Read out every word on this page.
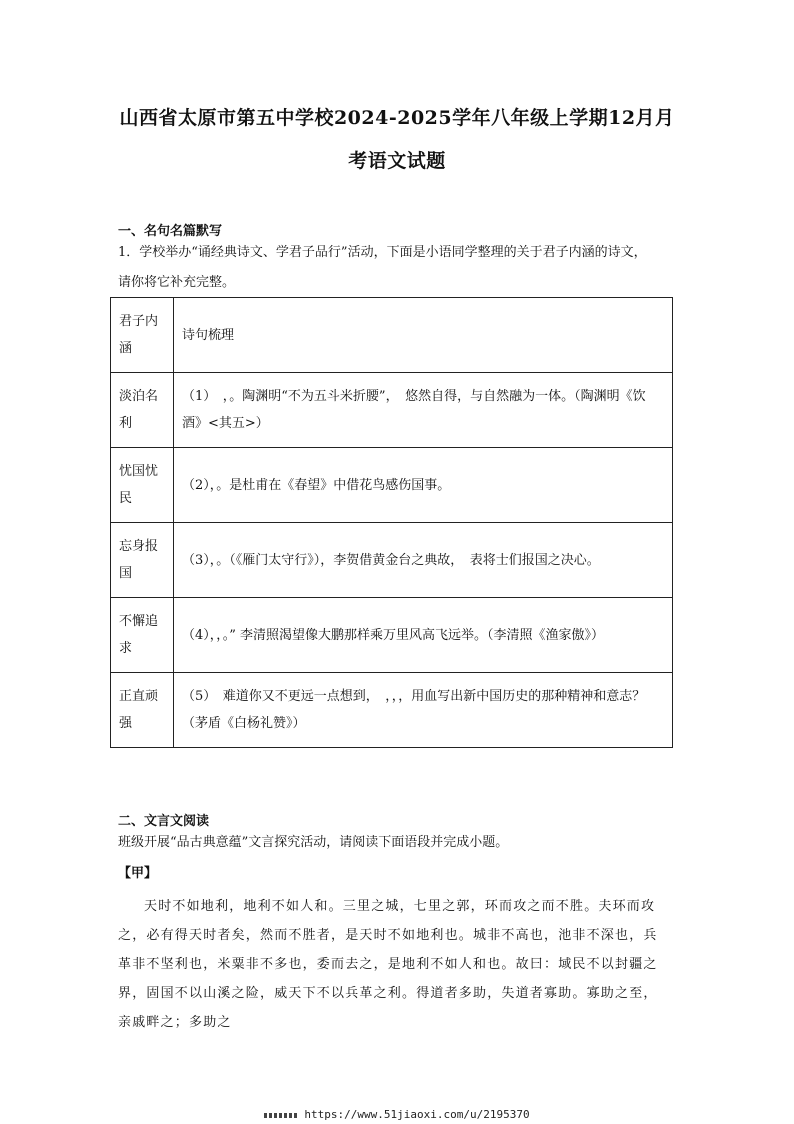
山西省太原市第五中学校2024-2025学年八年级上学期12月月
考语文试题
一、名句名篇默写
1．学校举办“诵经典诗文、学君子品行”活动，下面是小语同学整理的关于君子内涵的诗文，
请你将它补充完整。
君子内涵	诗句梳理
淡泊名利	（1）　，。陶渊明“不为五斗米折腰”，　悠然自得，与自然融为一体。（陶渊明《饮酒》<其五>）
忧国忧民	（2），。是杜甫在《春望》中借花鸟感伤国事。
忘身报国	（3），。（《雁门太守行》），李贺借黄金台之典故，　表将士们报国之决心。
不懈追求	（4），，。” 李清照渴望像大鹏那样乘万里风高飞远举。（李清照《渔家傲》）
正直顽强	（5）　难道你又不更远一点想到，　，，，用血写出新中国历史的那种精神和意志？（茅盾《白杨礼赞》）
二、文言文阅读
班级开展“品古典意蕴”文言探究活动，请阅读下面语段并完成小题。
【甲】
天时不如地利，地利不如人和。三里之城，七里之郭，环而攻之而不胜。夫环而攻之，必有得天时者矣，然而不胜者，是天时不如地利也。城非不高也，池非不深也，兵革非不坚利也，米粟非不多也，委而去之，是地利不如人和也。故曰：域民不以封疆之界，固国不以山溪之险，威天下不以兵革之利。得道者多助，失道者寡助。寡助之至，亲戚畔之；多助之
https://www.51jiaoxi.com/u/2195370
